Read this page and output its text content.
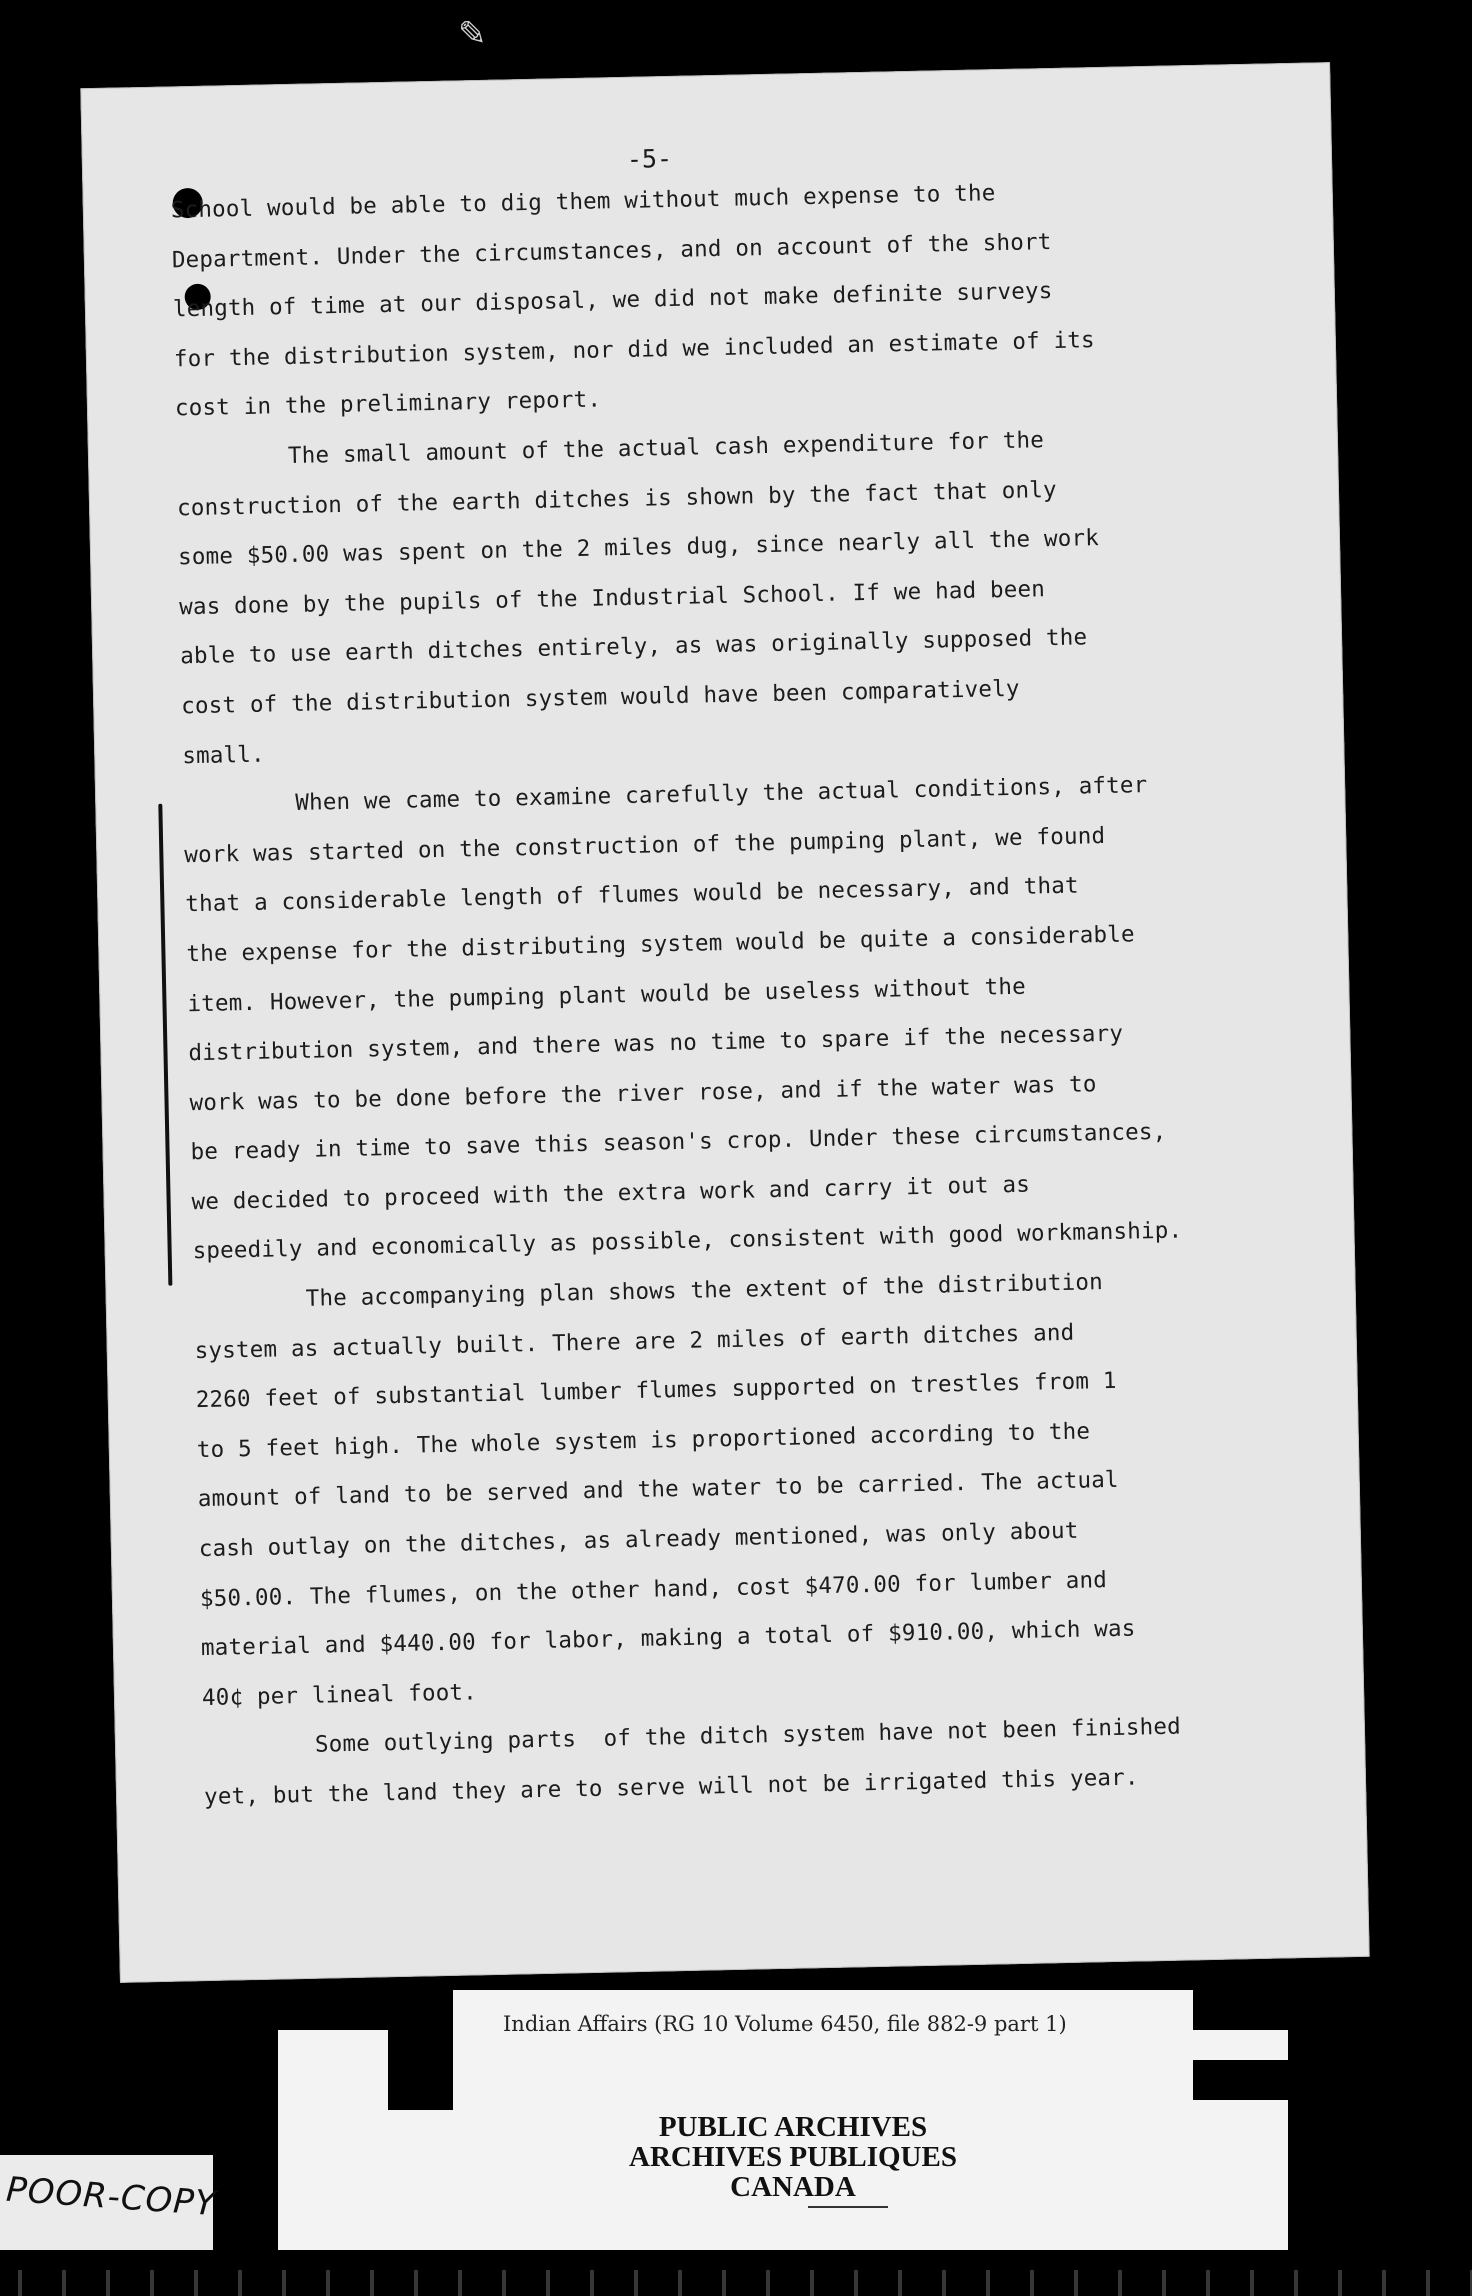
-5-
School would be able to dig them without much expense to the
Department. Under the circumstances, and on account of the short
length of time at our disposal, we did not make definite surveys
for the distribution system, nor did we included an estimate of its
cost in the preliminary report.
The small amount of the actual cash expenditure for the
construction of the earth ditches is shown by the fact that only
some $50.00 was spent on the 2 miles dug, since nearly all the work
was done by the pupils of the Industrial School. If we had been
able to use earth ditches entirely, as was originally supposed the
cost of the distribution system would have been comparatively
small.
When we came to examine carefully the actual conditions, after
work was started on the construction of the pumping plant, we found
that a considerable length of flumes would be necessary, and that
the expense for the distributing system would be quite a considerable
item. However, the pumping plant would be useless without the
distribution system, and there was no time to spare if the necessary
work was to be done before the river rose, and if the water was to
be ready in time to save this season's crop. Under these circumstances,
we decided to proceed with the extra work and carry it out as
speedily and economically as possible, consistent with good workmanship.
The accompanying plan shows the extent of the distribution
system as actually built. There are 2 miles of earth ditches and
2260 feet of substantial lumber flumes supported on trestles from 1
to 5 feet high. The whole system is proportioned according to the
amount of land to be served and the water to be carried. The actual
cash outlay on the ditches, as already mentioned, was only about
$50.00. The flumes, on the other hand, cost $470.00 for lumber and
material and $440.00 for labor, making a total of $910.00, which was
40¢ per lineal foot.
Some outlying parts  of the ditch system have not been finished
yet, but the land they are to serve will not be irrigated this year.
✎
Indian Affairs (RG 10 Volume 6450, file 882-9 part 1)
PUBLIC ARCHIVES
ARCHIVES PUBLIQUES
CANADA
POOR-COPY
